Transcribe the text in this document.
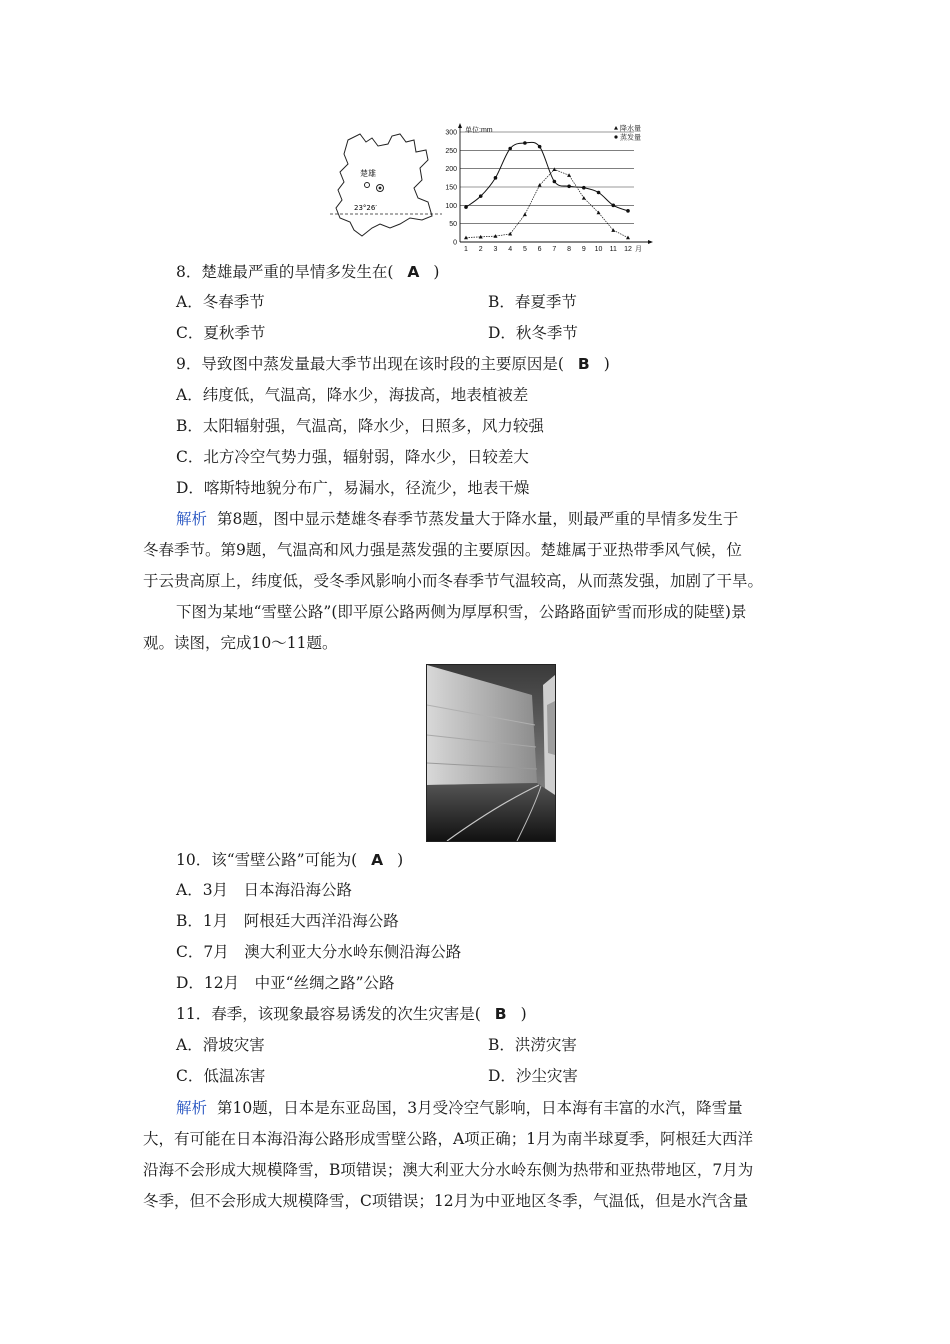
楚雄
23°26′
0
50
100
150
200
250
300 单位:mm
1 2 3 4 5 6 7 8 9 10 11 12 月
降水量
蒸发量
8．楚雄最严重的旱情多发生在( A )
A．冬春季节	B．春夏季节
C．夏秋季节	D．秋冬季节
9．导致图中蒸发量最大季节出现在该时段的主要原因是( B )
A．纬度低，气温高，降水少，海拔高，地表植被差
B．太阳辐射强，气温高，降水少，日照多，风力较强
C．北方冷空气势力强，辐射弱，降水少，日较差大
D．喀斯特地貌分布广，易漏水，径流少，地表干燥
解析 第8题，图中显示楚雄冬春季节蒸发量大于降水量，则最严重的旱情多发生于
冬春季节。第9题，气温高和风力强是蒸发强的主要原因。楚雄属于亚热带季风气候，位
于云贵高原上，纬度低，受冬季风影响小而冬春季节气温较高，从而蒸发强，加剧了干旱。
下图为某地“雪壁公路”(即平原公路两侧为厚厚积雪，公路路面铲雪而形成的陡壁)景
观。读图，完成10～11题。
10．该“雪壁公路”可能为( A )
A．3月　日本海沿海公路
B．1月　阿根廷大西洋沿海公路
C．7月　澳大利亚大分水岭东侧沿海公路
D．12月　中亚“丝绸之路”公路
11．春季，该现象最容易诱发的次生灾害是( B )
A．滑坡灾害	B．洪涝灾害
C．低温冻害	D．沙尘灾害
解析 第10题，日本是东亚岛国，3月受冷空气影响，日本海有丰富的水汽，降雪量
大，有可能在日本海沿海公路形成雪壁公路，A项正确；1月为南半球夏季，阿根廷大西洋
沿海不会形成大规模降雪，B项错误；澳大利亚大分水岭东侧为热带和亚热带地区，7月为
冬季，但不会形成大规模降雪，C项错误；12月为中亚地区冬季，气温低，但是水汽含量
